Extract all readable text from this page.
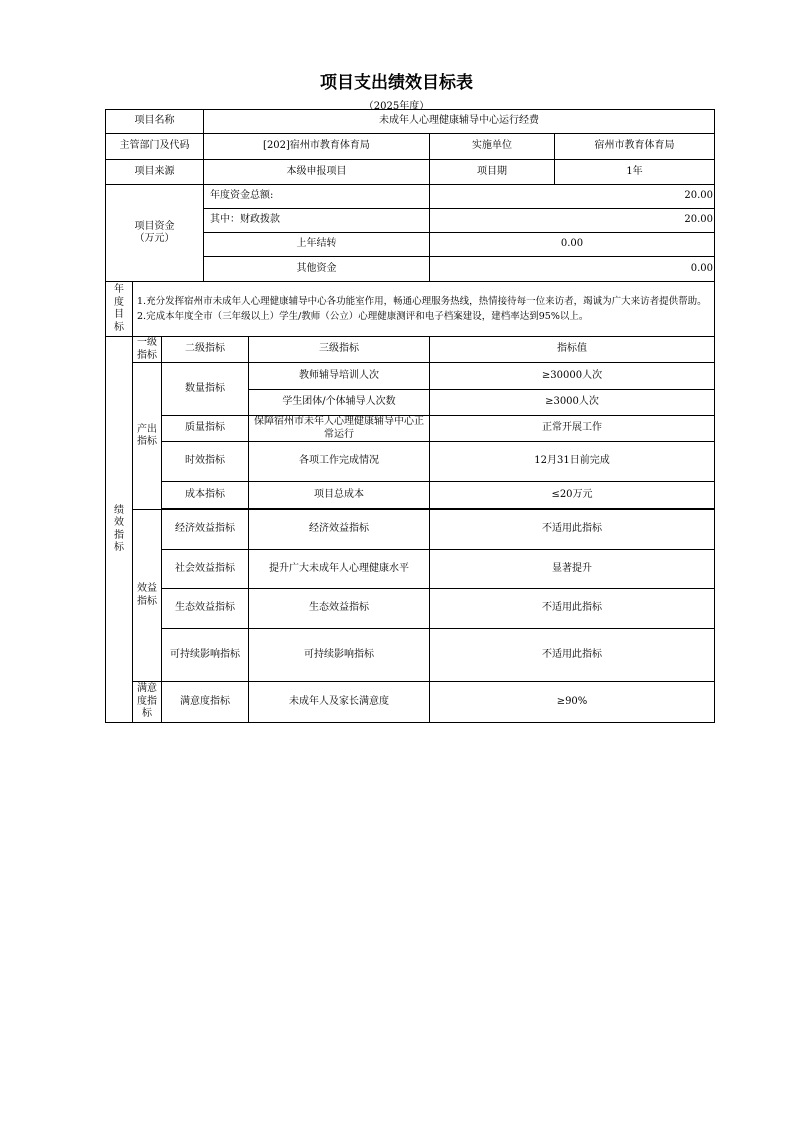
项目支出绩效目标表
（2025年度）
项目名称			未成年人心理健康辅导中心运行经费			
主管部门及代码			[202]宿州市教育体育局		实施单位	宿州市教育体育局
项目来源			本级申报项目		项目期	1年
项目资金
（万元）			年度资金总额:		20.00	
			其中：财政拨款		20.00	
			上年结转		0.00	
			其他资金		0.00	
年度
目标	1.充分发挥宿州市未成年人心理健康辅导中心各功能室作用，畅通心理服务热线，热情接待每一位来访者，竭诚为广大来访者提供帮助。 2.完成本年度全市（三年级以上）学生/教师（公立）心理健康测评和电子档案建设，建档率达到95%以上。					
绩
效
指
标	一级指标	二级指标		三级指标	指标值	
	产出指标	数量指标		教师辅导培训人次	≥30000人次	
				学生团体/个体辅导人次数	≥3000人次	
		质量指标		保障宿州市未年人心理健康辅导中心正常运行	正常开展工作	
		时效指标		各项工作完成情况	12月31日前完成	
		成本指标		项目总成本	≤20万元	

	效益指标	经济效益指标		经济效益指标	不适用此指标	
		社会效益指标		提升广大未成年人心理健康水平	显著提升	
		生态效益指标		生态效益指标	不适用此指标	
		可持续影响指标		可持续影响指标	不适用此指标	
	满意度指标	满意度指标		未成年人及家长满意度	≥90%	
